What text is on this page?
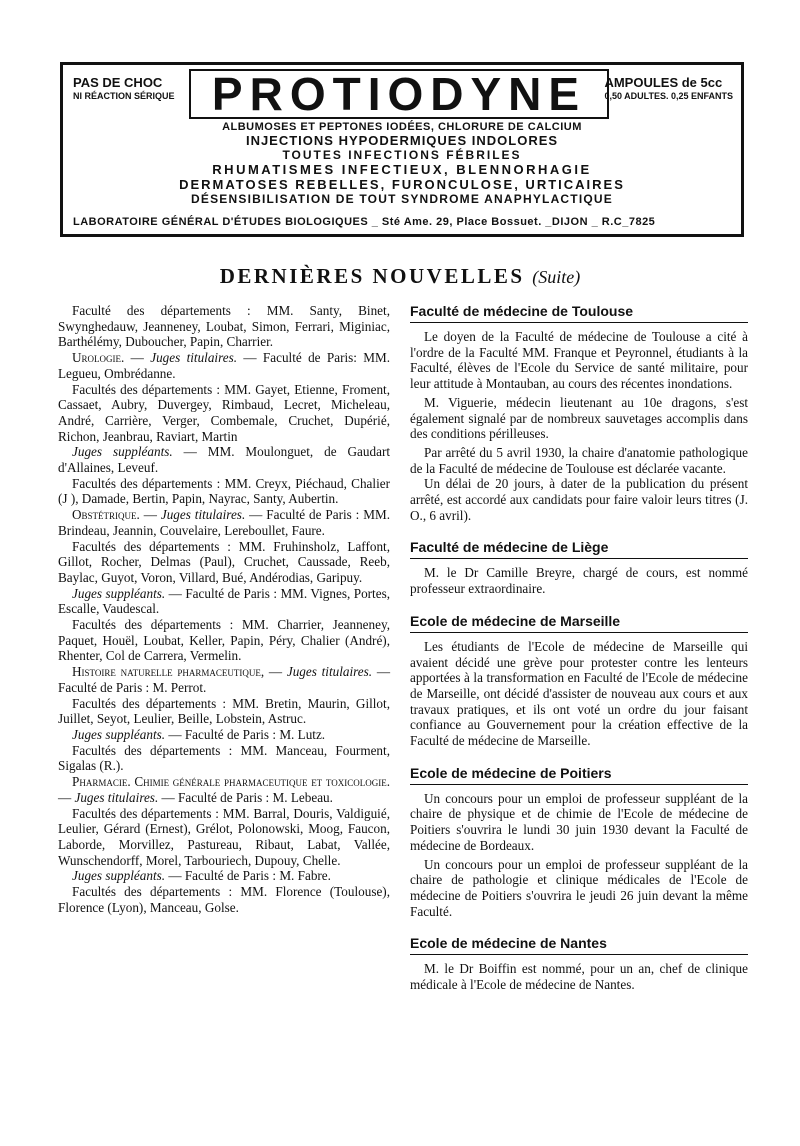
PAS DE CHOC
NI RÉACTION SÉRIQUE PROTIODYNE	AMPOULES de 5cc
0,50 ADULTES. 0,25 ENFANTS
ALBUMOSES ET PEPTONES IODÉES, CHLORURE DE CALCIUM
INJECTIONS HYPODERMIQUES INDOLORES
TOUTES INFECTIONS FÉBRILES
RHUMATISMES INFECTIEUX, BLENNORHAGIE
DERMATOSES REBELLES, FURONCULOSE, URTICAIRES
DÉSENSIBILISATION DE TOUT SYNDROME ANAPHYLACTIQUE
LABORATOIRE GÉNÉRAL D'ÉTUDES BIOLOGIQUES _ Sté Ame. 29, Place Bossuet. _DIJON _ R.C_7825
DERNIÈRES NOUVELLES (Suite)

Faculté des départements : MM. Santy, Binet, Swynghedauw, Jeanneney, Loubat, Simon, Ferrari, Miginiac, Barthélémy, Duboucher, Papin, Charrier.

Urologie. — Juges titulaires. — Faculté de Paris: MM. Legueu, Ombrédanne.

Facultés des départements : MM. Gayet, Etienne, Froment, Cassaet, Aubry, Duvergey, Rimbaud, Lecret, Micheleau, André, Carrière, Verger, Combemale, Cruchet, Dupérié, Richon, Jeanbrau, Raviart, Martin

Juges suppléants. — MM. Moulonguet, de Gaudart d'Allaines, Leveuf.

Facultés des départements : MM. Creyx, Piéchaud, Chalier (J ), Damade, Bertin, Papin, Nayrac, Santy, Aubertin.

Obstétrique. — Juges titulaires. — Faculté de Paris : MM. Brindeau, Jeannin, Couvelaire, Lereboullet, Faure.

Facultés des départements : MM. Fruhinsholz, Laffont, Gillot, Rocher, Delmas (Paul), Cruchet, Caussade, Reeb, Baylac, Guyot, Voron, Villard, Bué, Andérodias, Garipuy.

Juges suppléants. — Faculté de Paris : MM. Vignes, Portes, Escalle, Vaudescal.

Facultés des départements : MM. Charrier, Jeanneney, Paquet, Houël, Loubat, Keller, Papin, Péry, Chalier (André), Rhenter, Col de Carrera, Vermelin.

Histoire naturelle pharmaceutique, — Juges titulaires. — Faculté de Paris : M. Perrot.

Facultés des départements : MM. Bretin, Maurin, Gillot, Juillet, Seyot, Leulier, Beille, Lobstein, Astruc.

Juges suppléants. — Faculté de Paris : M. Lutz.

Facultés des départements : MM. Manceau, Fourment, Sigalas (R.).

Pharmacie. Chimie générale pharmaceutique et toxicologie. — Juges titulaires. — Faculté de Paris : M. Lebeau.

Facultés des départements : MM. Barral, Douris, Valdiguié, Leulier, Gérard (Ernest), Grélot, Polonowski, Moog, Faucon, Laborde, Morvillez, Pastureau, Ribaut, Labat, Vallée, Wunschendorff, Morel, Tarbouriech, Dupouy, Chelle.

Juges suppléants. — Faculté de Paris : M. Fabre.

Facultés des départements : MM. Florence (Toulouse), Florence (Lyon), Manceau, Golse.

Faculté de médecine de Toulouse

Le doyen de la Faculté de médecine de Toulouse a cité à l'ordre de la Faculté MM. Franque et Peyronnel, étudiants à la Faculté, élèves de l'Ecole du Service de santé militaire, pour leur attitude à Montauban, au cours des récentes inondations.

M. Viguerie, médecin lieutenant au 10e dragons, s'est également signalé par de nombreux sauvetages accomplis dans des conditions périlleuses.

Par arrêté du 5 avril 1930, la chaire d'anatomie pathologique de la Faculté de médecine de Toulouse est déclarée vacante.

Un délai de 20 jours, à dater de la publication du présent arrêté, est accordé aux candidats pour faire valoir leurs titres (J. O., 6 avril).

Faculté de médecine de Liège

M. le Dr Camille Breyre, chargé de cours, est nommé professeur extraordinaire.

Ecole de médecine de Marseille

Les étudiants de l'Ecole de médecine de Marseille qui avaient décidé une grève pour protester contre les lenteurs apportées à la transformation en Faculté de l'Ecole de médecine de Marseille, ont décidé d'assister de nouveau aux cours et aux travaux pratiques, et ils ont voté un ordre du jour faisant confiance au Gouvernement pour la création effective de la Faculté de médecine de Marseille.

Ecole de médecine de Poitiers

Un concours pour un emploi de professeur suppléant de la chaire de physique et de chimie de l'Ecole de médecine de Poitiers s'ouvrira le lundi 30 juin 1930 devant la Faculté de médecine de Bordeaux.

Un concours pour un emploi de professeur suppléant de la chaire de pathologie et clinique médicales de l'Ecole de médecine de Poitiers s'ouvrira le jeudi 26 juin devant la même Faculté.

Ecole de médecine de Nantes

M. le Dr Boiffin est nommé, pour un an, chef de clinique médicale à l'Ecole de médecine de Nantes.
